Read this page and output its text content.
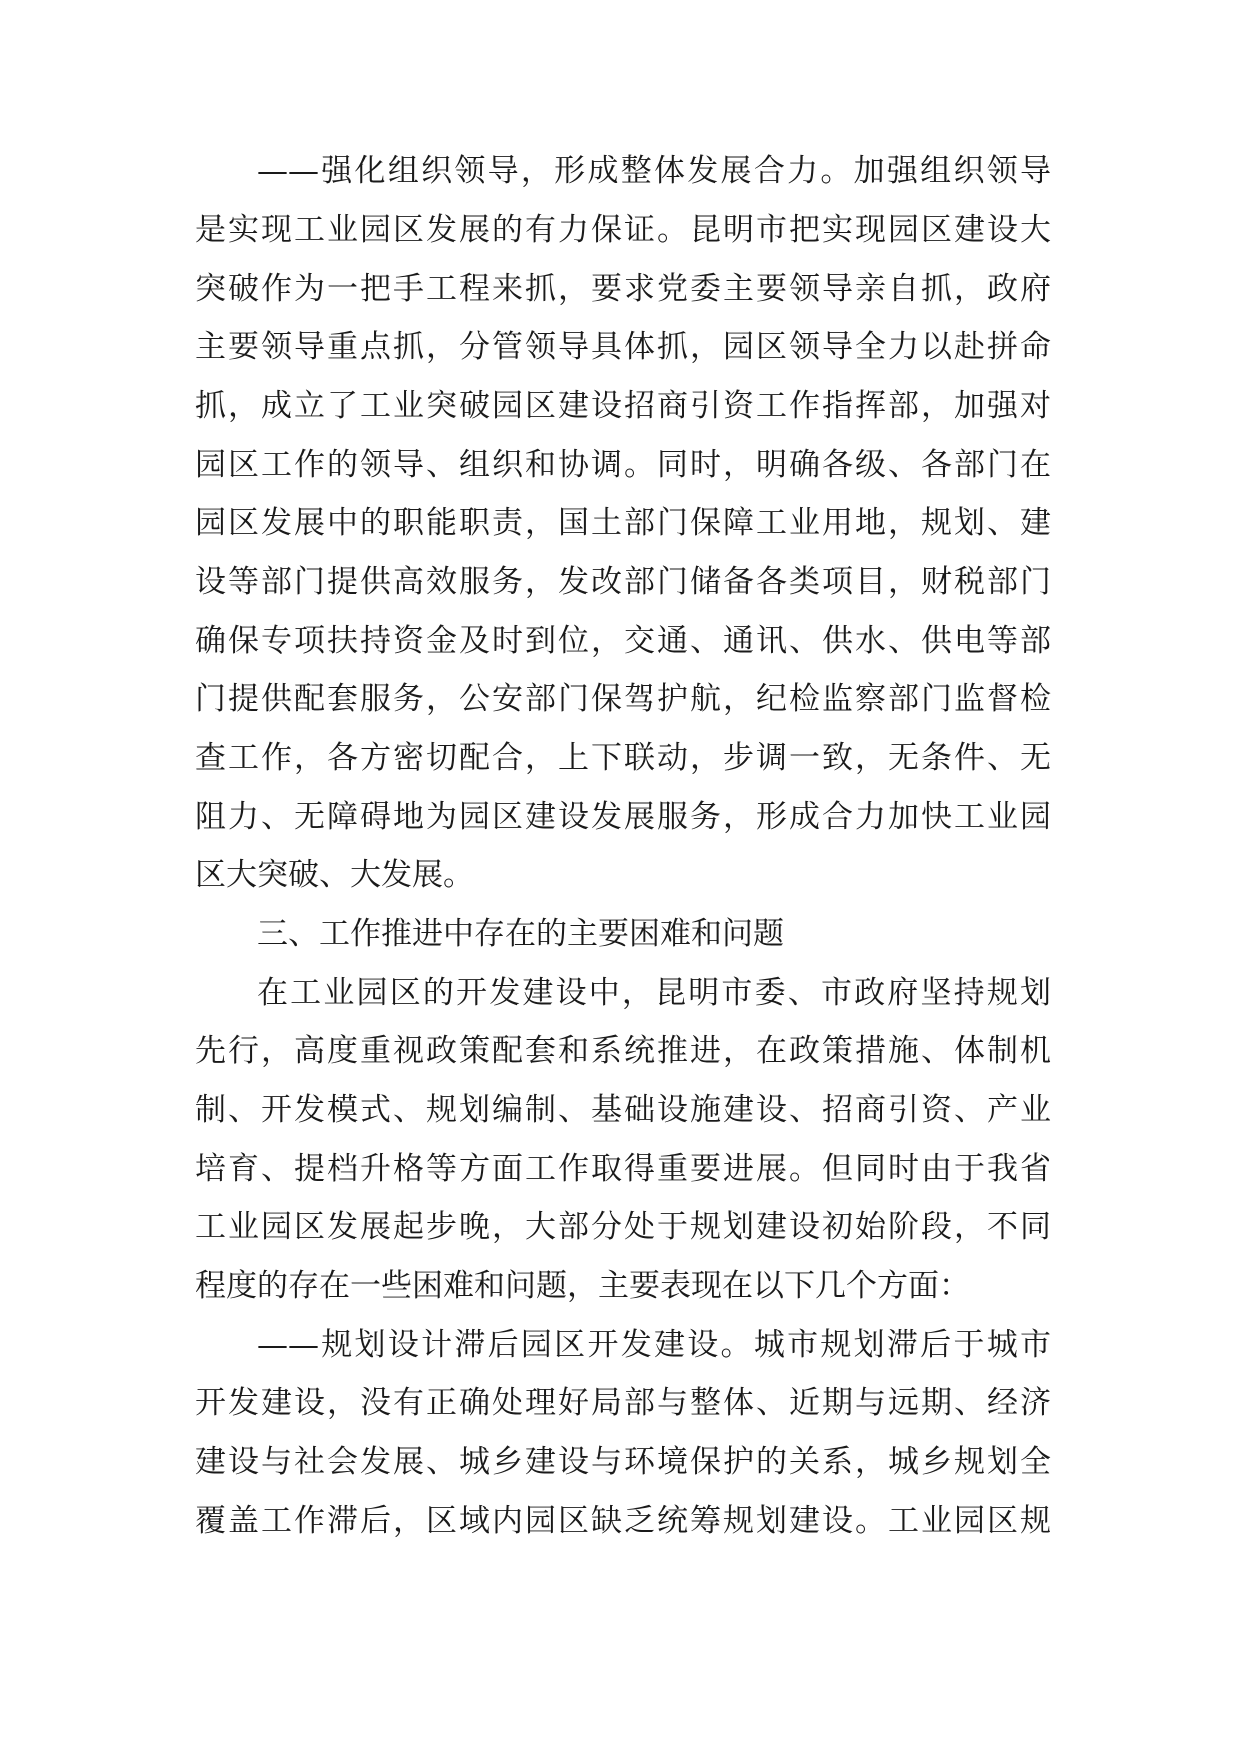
——强化组织领导，形成整体发展合力。加强组织领导
是实现工业园区发展的有力保证。昆明市把实现园区建设大
突破作为一把手工程来抓，要求党委主要领导亲自抓，政府
主要领导重点抓，分管领导具体抓，园区领导全力以赴拼命
抓，成立了工业突破园区建设招商引资工作指挥部，加强对
园区工作的领导、组织和协调。同时，明确各级、各部门在
园区发展中的职能职责，国土部门保障工业用地，规划、建
设等部门提供高效服务，发改部门储备各类项目，财税部门
确保专项扶持资金及时到位，交通、通讯、供水、供电等部
门提供配套服务，公安部门保驾护航，纪检监察部门监督检
查工作，各方密切配合，上下联动，步调一致，无条件、无
阻力、无障碍地为园区建设发展服务，形成合力加快工业园
区大突破、大发展。
三、工作推进中存在的主要困难和问题
在工业园区的开发建设中，昆明市委、市政府坚持规划
先行，高度重视政策配套和系统推进，在政策措施、体制机
制、开发模式、规划编制、基础设施建设、招商引资、产业
培育、提档升格等方面工作取得重要进展。但同时由于我省
工业园区发展起步晚，大部分处于规划建设初始阶段，不同
程度的存在一些困难和问题，主要表现在以下几个方面：
——规划设计滞后园区开发建设。城市规划滞后于城市
开发建设，没有正确处理好局部与整体、近期与远期、经济
建设与社会发展、城乡建设与环境保护的关系，城乡规划全
覆盖工作滞后，区域内园区缺乏统筹规划建设。工业园区规
